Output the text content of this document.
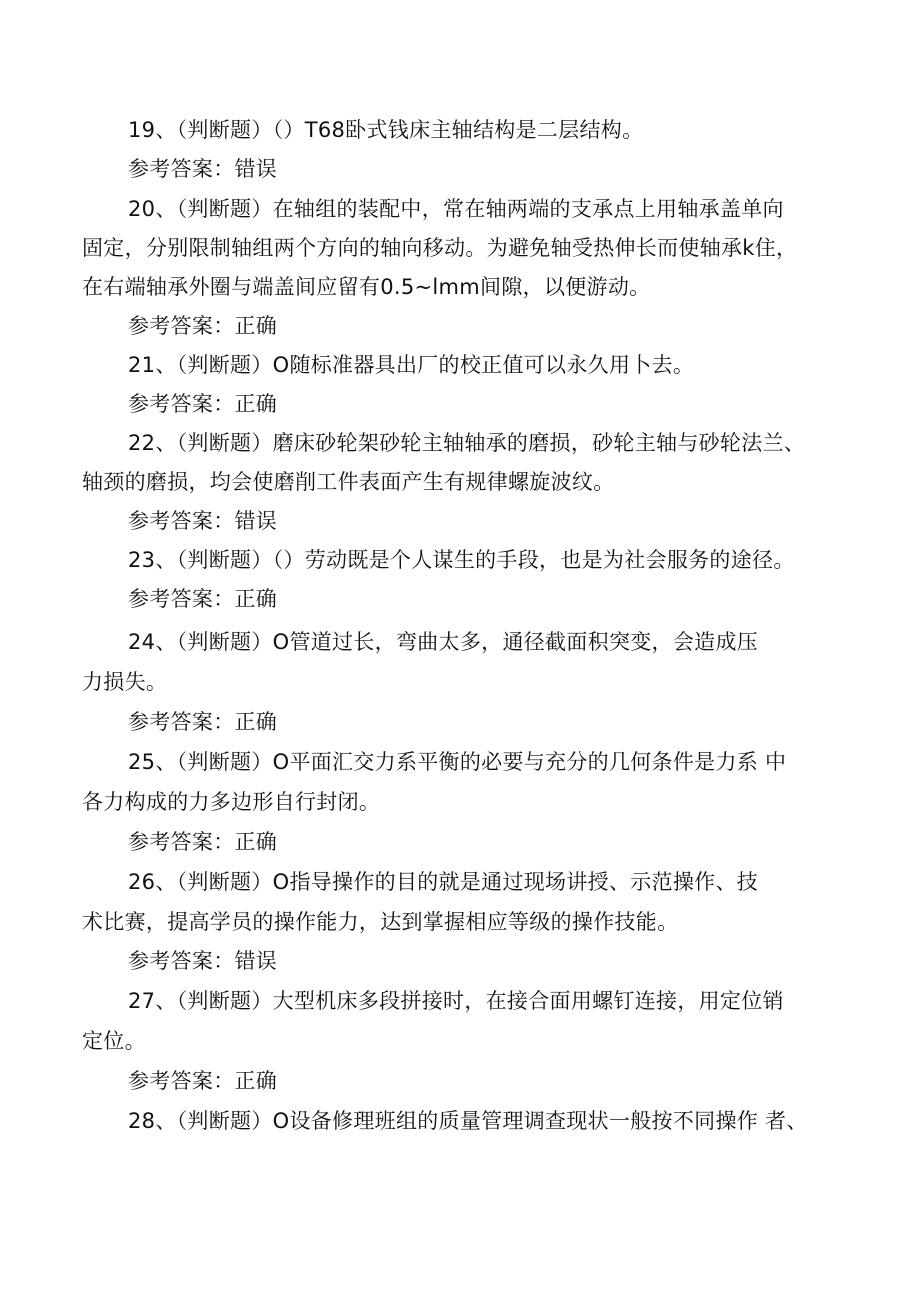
19、（判断题）（）T68卧式钱床主轴结构是二层结构。
参考答案：错误
20、（判断题）在轴组的装配中，常在轴两端的支承点上用轴承盖单向
固定，分别限制轴组两个方向的轴向移动。为避免轴受热伸长而使轴承k住，
在右端轴承外圈与端盖间应留有0.5~lmm间隙，以便游动。
参考答案：正确
21、（判断题）O随标准器具出厂的校正值可以永久用卜去。
参考答案：正确
22、（判断题）磨床砂轮架砂轮主轴轴承的磨损，砂轮主轴与砂轮法兰、
轴颈的磨损，均会使磨削工件表面产生有规律螺旋波纹。
参考答案：错误
23、（判断题）（）劳动既是个人谋生的手段，也是为社会服务的途径。
参考答案：正确
24、（判断题）O管道过长，弯曲太多，通径截面积突变，会造成压
力损失。
参考答案：正确
25、（判断题）O平面汇交力系平衡的必要与充分的几何条件是力系 中
各力构成的力多边形自行封闭。
参考答案：正确
26、（判断题）O指导操作的目的就是通过现场讲授、示范操作、技
术比赛，提高学员的操作能力，达到掌握相应等级的操作技能。
参考答案：错误
27、（判断题）大型机床多段拼接时，在接合面用螺钉连接，用定位销
定位。
参考答案：正确
28、（判断题）O设备修理班组的质量管理调查现状一般按不同操作 者、
